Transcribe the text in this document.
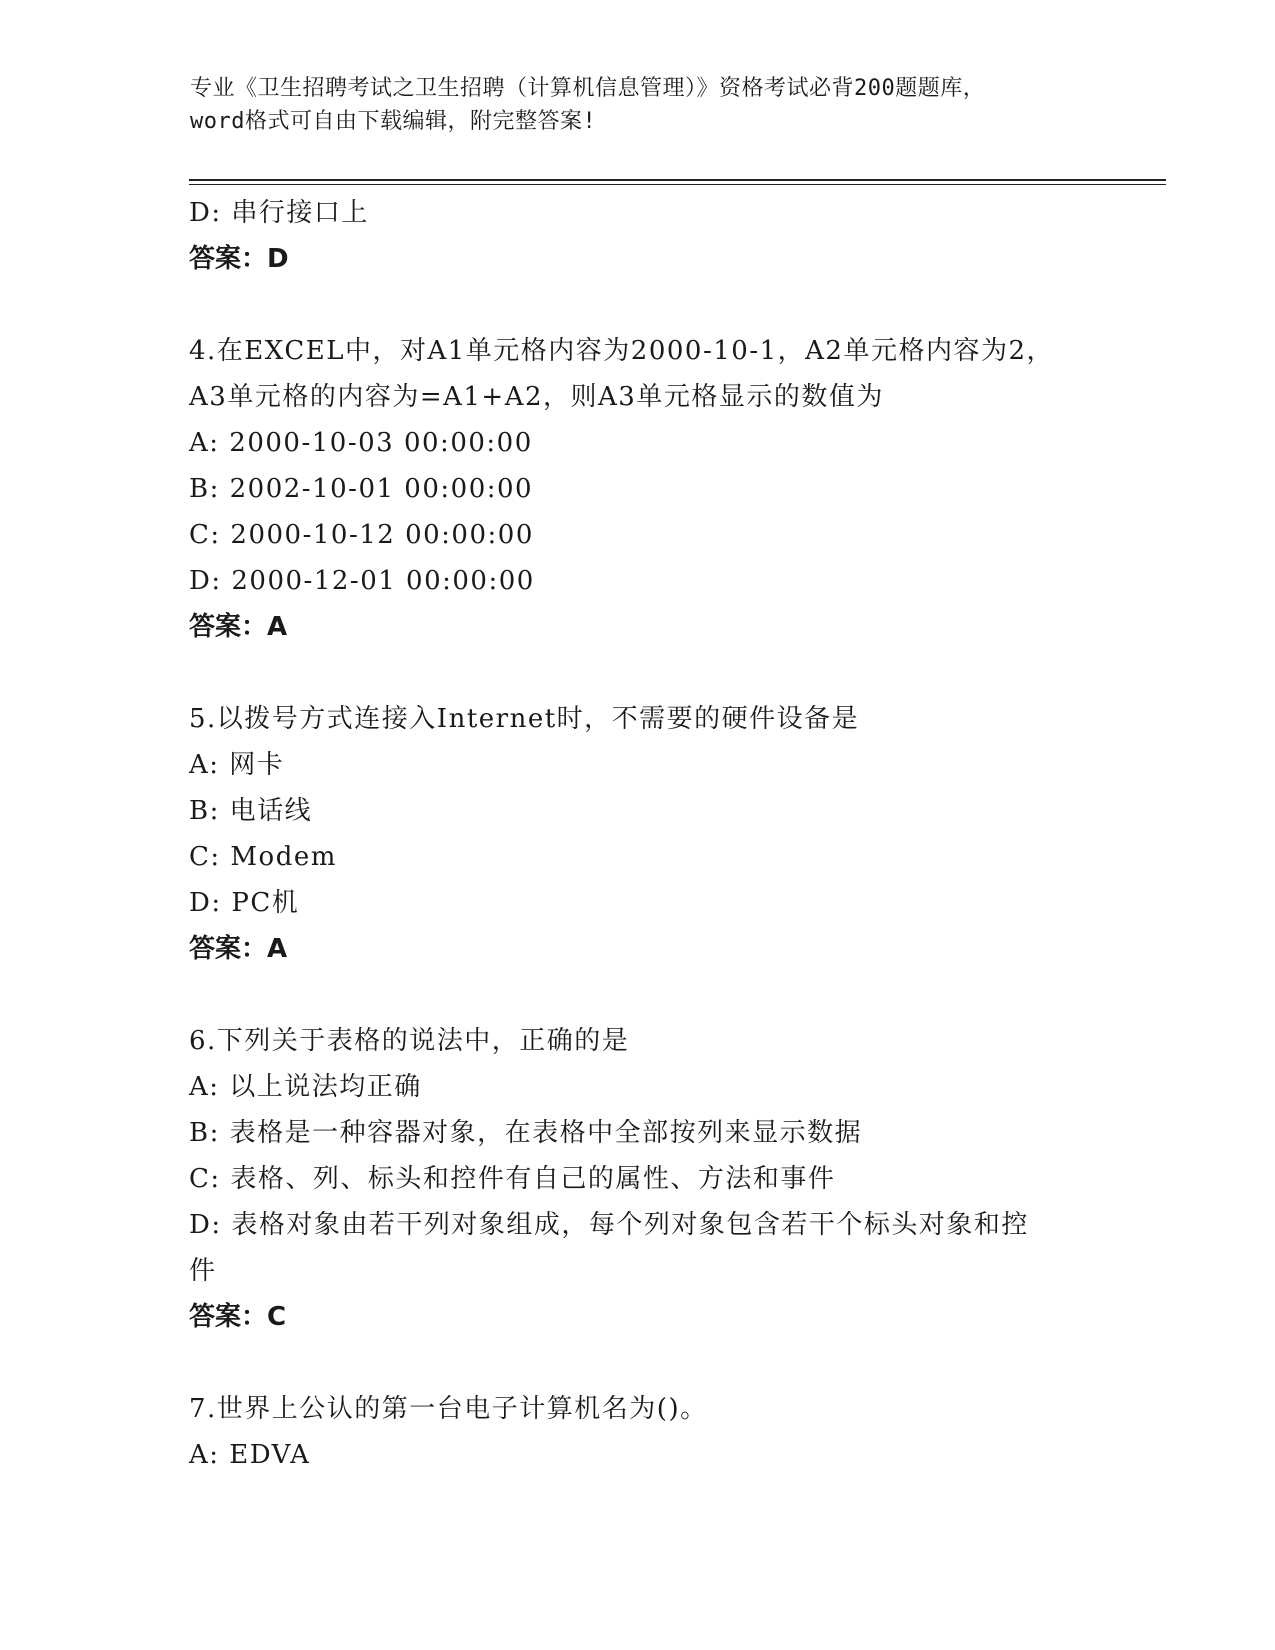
专业《卫生招聘考试之卫生招聘（计算机信息管理）》资格考试必背200题题库，
word格式可自由下载编辑，附完整答案!
D: 串行接口上
答案：D
4.在EXCEL中，对A1单元格内容为2000-10-1，A2单元格内容为2，
A3单元格的内容为=A1+A2，则A3单元格显示的数值为
A: 2000-10-03 00:00:00
B: 2002-10-01 00:00:00
C: 2000-10-12 00:00:00
D: 2000-12-01 00:00:00
答案：A
5.以拨号方式连接入Internet时，不需要的硬件设备是
A: 网卡
B: 电话线
C: Modem
D: PC机
答案：A
6.下列关于表格的说法中，正确的是
A: 以上说法均正确
B: 表格是一种容器对象，在表格中全部按列来显示数据
C: 表格、列、标头和控件有自己的属性、方法和事件
D: 表格对象由若干列对象组成，每个列对象包含若干个标头对象和控
件
答案：C
7.世界上公认的第一台电子计算机名为()。
A: EDVA
